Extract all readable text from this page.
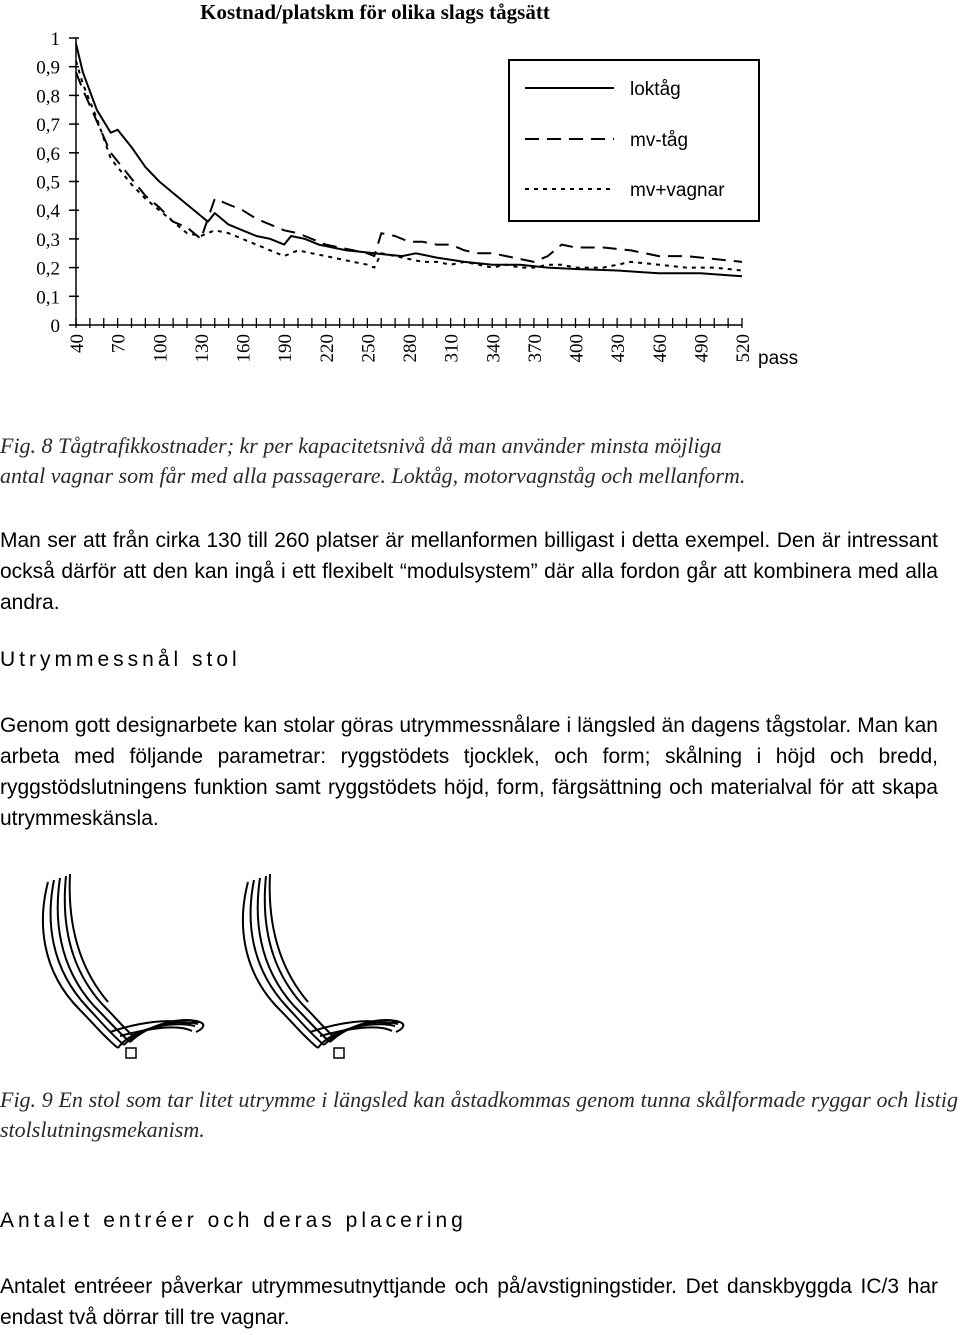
Kostnad/platskm för olika slags tågsätt
0
0,1
0,2
0,3
0,4
0,5
0,6
0,7
0,8
0,9
1
40 70 100 130 160 190 220 250 280 310 340 370 400 430 460 490 520 pass
loktåg
mv-tåg
mv+vagnar
Fig. 8 Tågtrafikkostnader; kr per kapacitetsnivå då man använder minsta möjliga
antal vagnar som får med alla passagerare. Loktåg, motorvagnståg och mellanform.
Man ser att från cirka 130 till 260 platser är mellanformen billigast i detta exempel. Den är intressant också därför att den kan ingå i ett flexibelt “modulsystem” där alla fordon går att kombinera med alla andra.
Utrymmessnål stol
Genom gott designarbete kan stolar göras utrymmessnålare i längsled än dagens tågstolar. Man kan arbeta med följande parametrar: ryggstödets tjocklek, och form; skålning i höjd och bredd, ryggstödslutningens funktion samt ryggstödets höjd, form, färgsättning och materialval för att skapa utrymmeskänsla.
Fig. 9 En stol som tar litet utrymme i längsled kan åstadkommas genom tunna skålformade ryggar och listig stolslutningsmekanism.
Antalet entréer och deras placering
Antalet entréeer påverkar utrymmesutnyttjande och på/avstigningstider. Det danskbyggda IC/3 har endast två dörrar till tre vagnar.
